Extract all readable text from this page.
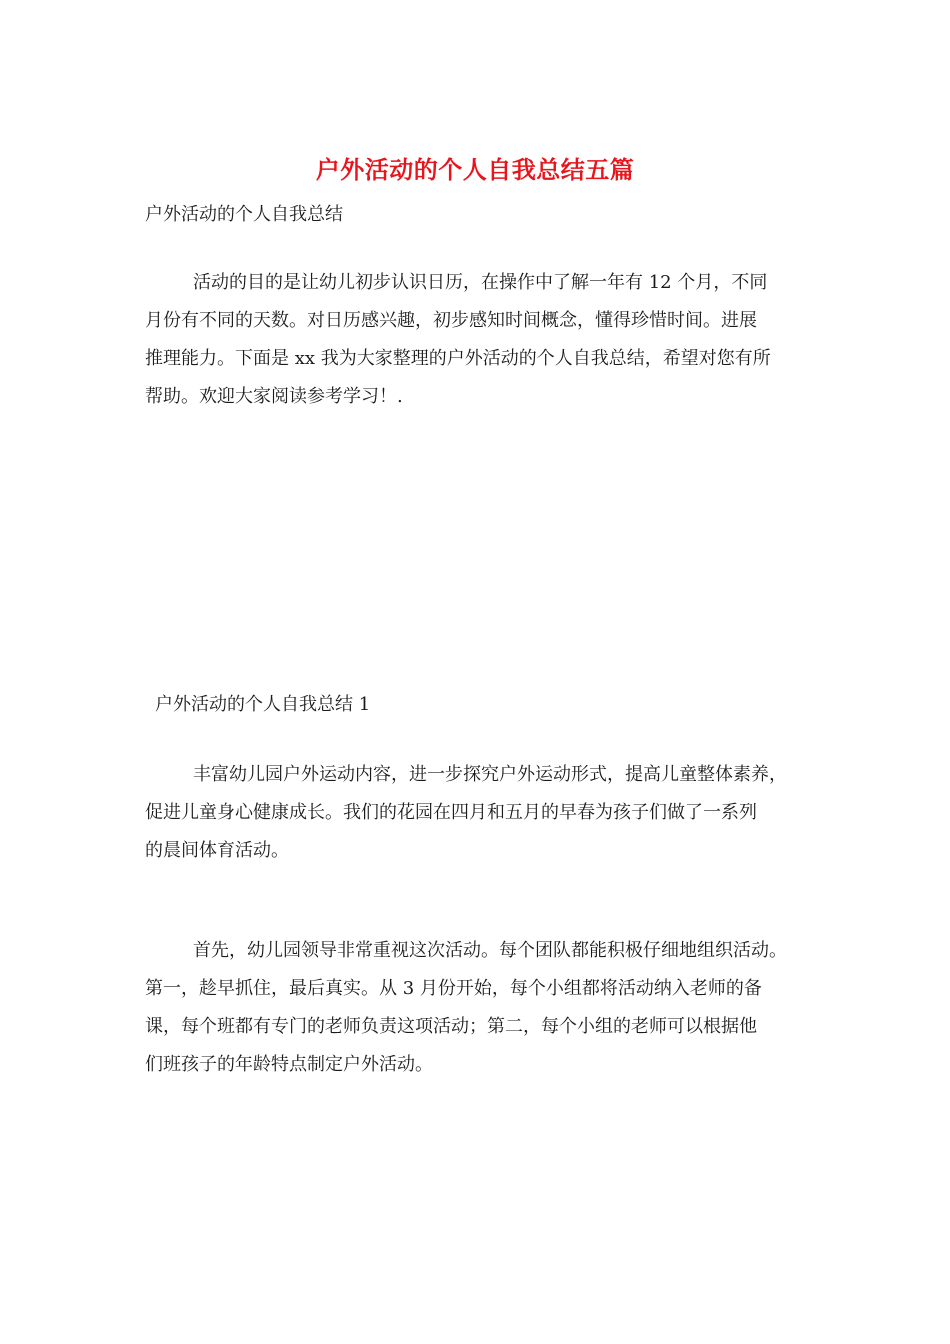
户外活动的个人自我总结五篇

户外活动的个人自我总结

活动的目的是让幼儿初步认识日历，在操作中了解一年有 12 个月，不同

月份有不同的天数。对日历感兴趣，初步感知时间概念，懂得珍惜时间。进展

推理能力。下面是 xx 我为大家整理的户外活动的个人自我总结，希望对您有所

帮助。欢迎大家阅读参考学习！.

户外活动的个人自我总结 1

丰富幼儿园户外运动内容，进一步探究户外运动形式，提高儿童整体素养，

促进儿童身心健康成长。我们的花园在四月和五月的早春为孩子们做了一系列

的晨间体育活动。

首先，幼儿园领导非常重视这次活动。每个团队都能积极仔细地组织活动。

第一，趁早抓住，最后真实。从 3 月份开始，每个小组都将活动纳入老师的备

课，每个班都有专门的老师负责这项活动；第二，每个小组的老师可以根据他

们班孩子的年龄特点制定户外活动。
